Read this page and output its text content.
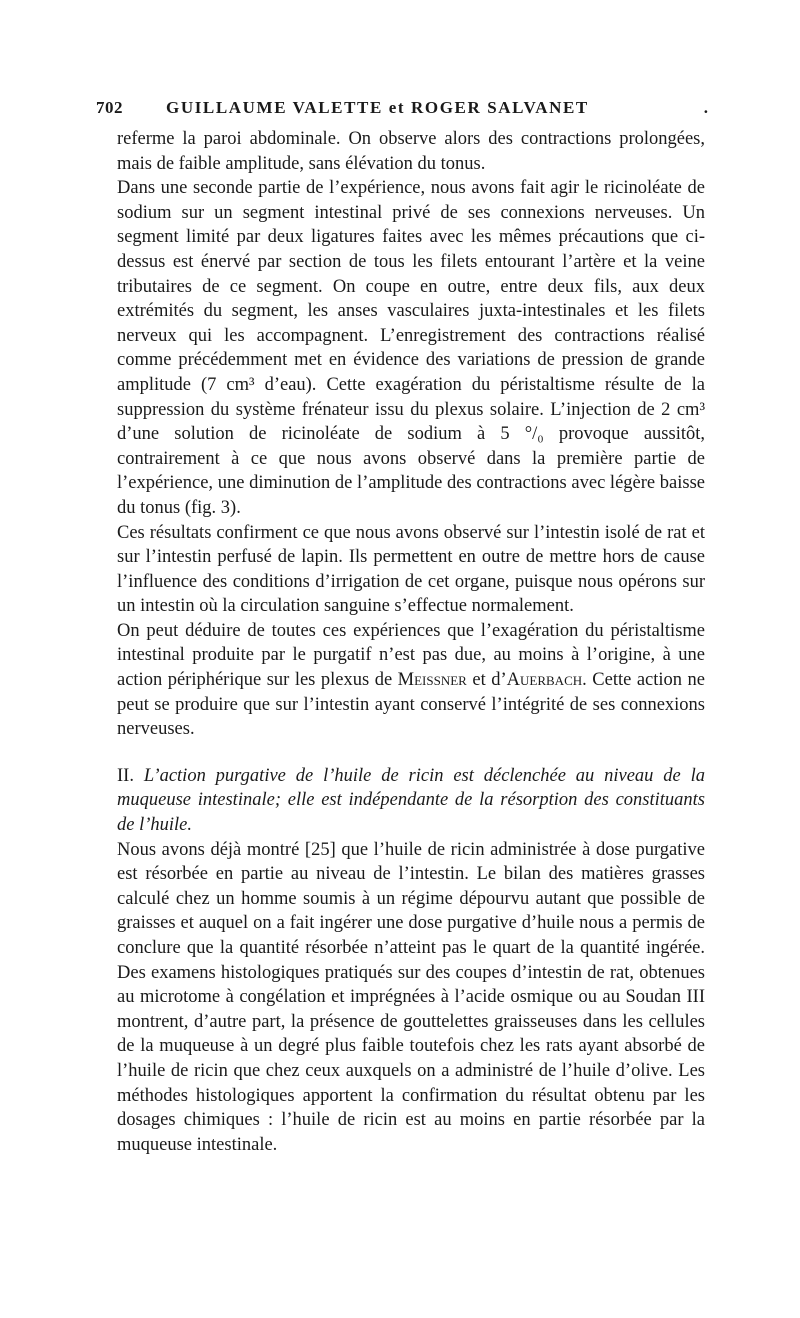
702	GUILLAUME VALETTE et ROGER SALVANET	.

referme la paroi abdominale. On observe alors des contractions prolongées, mais de faible amplitude, sans élévation du tonus.

Dans une seconde partie de l’expérience, nous avons fait agir le ricinoléate de sodium sur un segment intestinal privé de ses connexions nerveuses. Un segment limité par deux ligatures faites avec les mêmes précautions que ci-dessus est énervé par section de tous les filets entourant l’artère et la veine tributaires de ce segment. On coupe en outre, entre deux fils, aux deux extrémités du segment, les anses vasculaires juxta-intestinales et les filets nerveux qui les accompagnent. L’enregistrement des contractions réalisé comme précédemment met en évidence des variations de pression de grande amplitude (7 cm³ d’eau). Cette exagération du péristaltisme résulte de la suppression du système frénateur issu du plexus solaire. L’injection de 2 cm³ d’une solution de ricinoléate de sodium à 5 °/₀ provoque aussitôt, contrairement à ce que nous avons observé dans la première partie de l’expérience, une diminution de l’amplitude des contractions avec légère baisse du tonus (fig. 3).

Ces résultats confirment ce que nous avons observé sur l’intestin isolé de rat et sur l’intestin perfusé de lapin. Ils permettent en outre de mettre hors de cause l’influence des conditions d’irrigation de cet organe, puisque nous opérons sur un intestin où la circulation sanguine s’effectue normalement.

On peut déduire de toutes ces expériences que l’exagération du péristaltisme intestinal produite par le purgatif n’est pas due, au moins à l’origine, à une action périphérique sur les plexus de Meissner et d’Auerbach. Cette action ne peut se produire que sur l’intestin ayant conservé l’intégrité de ses connexions nerveuses.

II. L’action purgative de l’huile de ricin est déclenchée au niveau de la muqueuse intestinale; elle est indépendante de la résorption des constituants de l’huile.

Nous avons déjà montré [25] que l’huile de ricin administrée à dose purgative est résorbée en partie au niveau de l’intestin. Le bilan des matières grasses calculé chez un homme soumis à un régime dépourvu autant que possible de graisses et auquel on a fait ingérer une dose purgative d’huile nous a permis de conclure que la quantité résorbée n’atteint pas le quart de la quantité ingérée. Des examens histologiques pratiqués sur des coupes d’intestin de rat, obtenues au microtome à congélation et imprégnées à l’acide osmique ou au Soudan III montrent, d’autre part, la présence de gouttelettes graisseuses dans les cellules de la muqueuse à un degré plus faible toutefois chez les rats ayant absorbé de l’huile de ricin que chez ceux auxquels on a administré de l’huile d’olive. Les méthodes histologiques apportent la confirmation du résultat obtenu par les dosages chimiques : l’huile de ricin est au moins en partie résorbée par la muqueuse intestinale.
